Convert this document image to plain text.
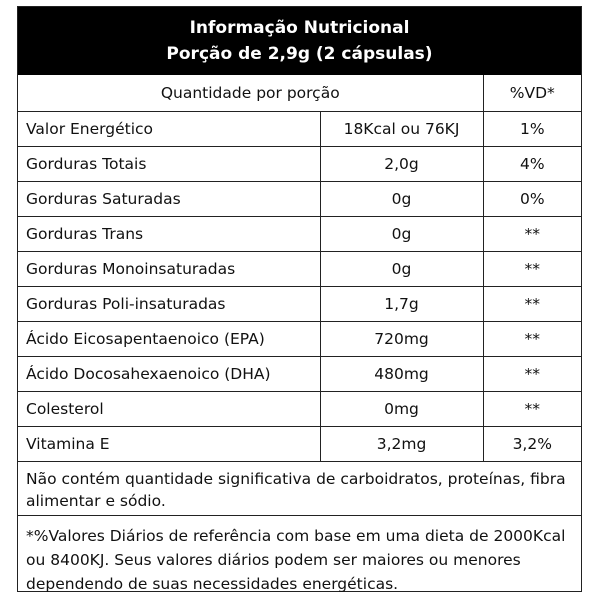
Informação Nutricional
Porção de 2,9g (2 cápsulas)
Quantidade por porção		%VD*
Valor Energético	18Kcal ou 76KJ	1%
Gorduras Totais	2,0g	4%
Gorduras Saturadas	0g	0%
Gorduras Trans	0g	**
Gorduras Monoinsaturadas	0g	**
Gorduras Poli-insaturadas	1,7g	**
Ácido Eicosapentaenoico (EPA)	720mg	**
Ácido Docosahexaenoico (DHA)	480mg	**
Colesterol	0mg	**
Vitamina E	3,2mg	3,2%
Não contém quantidade significativa de carboidratos, proteínas, fibra alimentar e sódio.
*%Valores Diários de referência com base em uma dieta de 2000Kcal ou 8400KJ. Seus valores diários podem ser maiores ou menores dependendo de suas necessidades energéticas.
